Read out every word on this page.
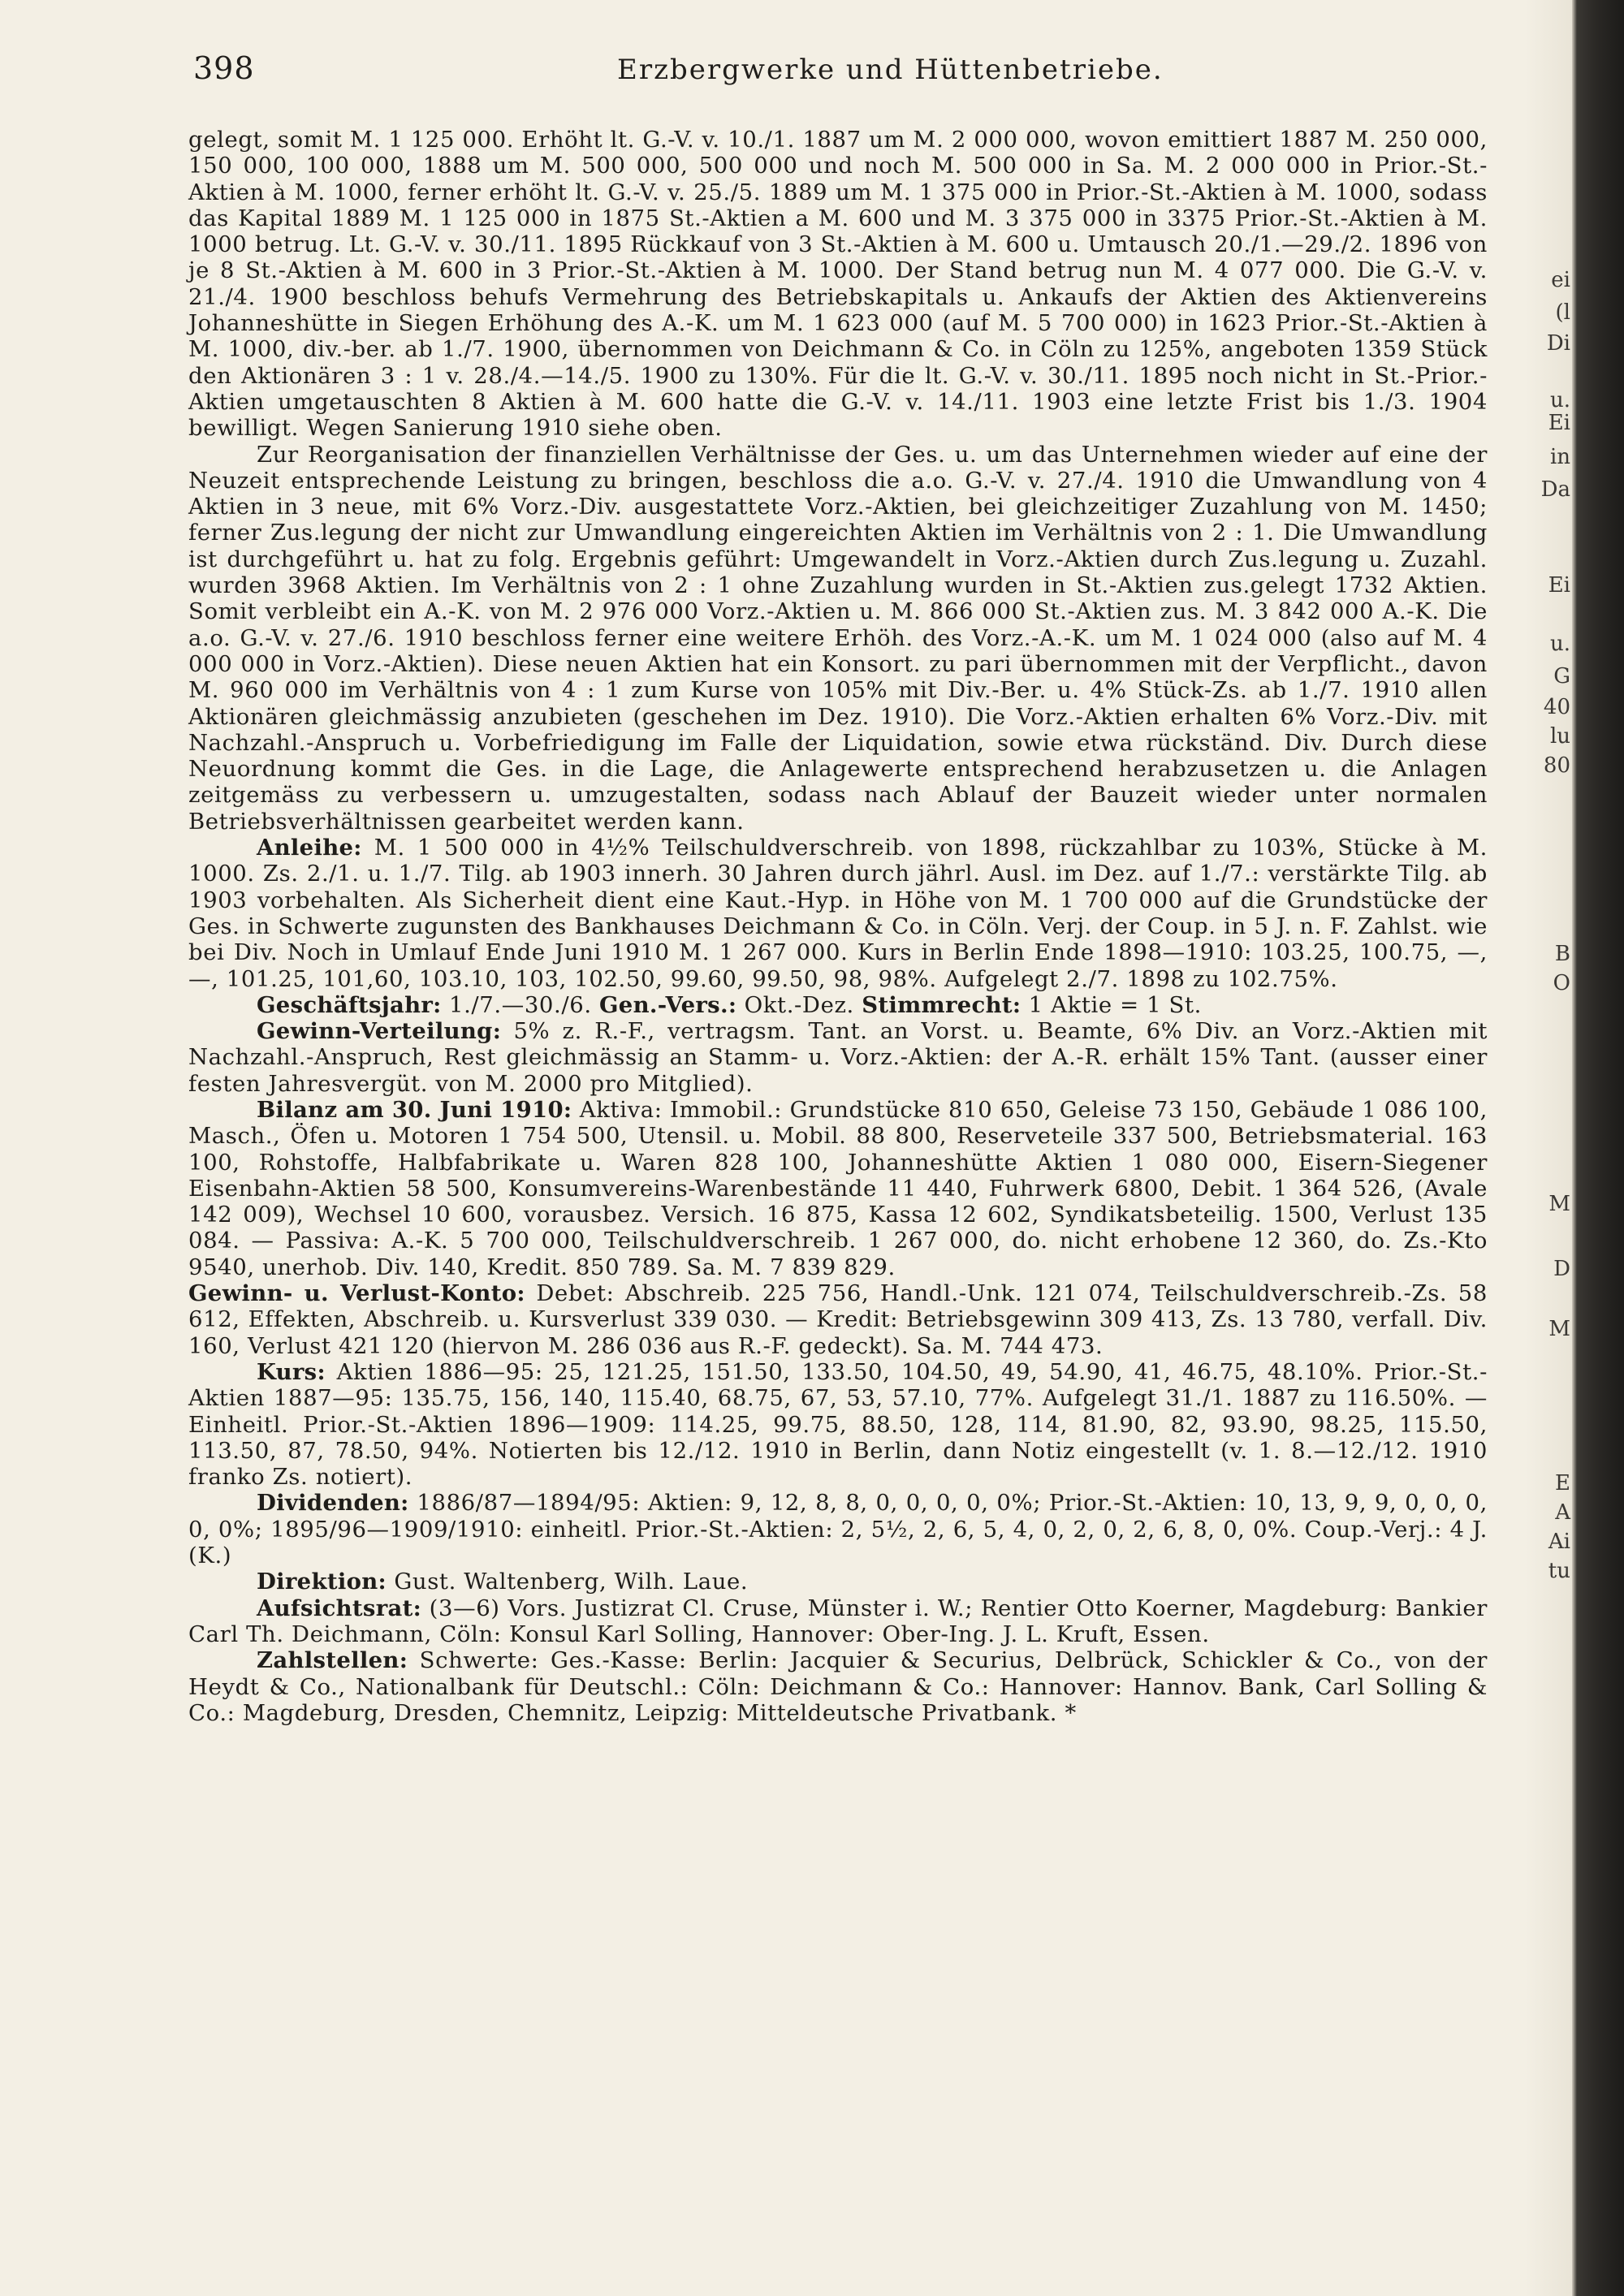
398	Erzbergwerke und Hüttenbetriebe.

gelegt, somit M. 1 125 000. Erhöht lt. G.-V. v. 10./1. 1887 um M. 2 000 000, wovon emittiert 1887 M. 250 000, 150 000, 100 000, 1888 um M. 500 000, 500 000 und noch M. 500 000 in Sa. M. 2 000 000 in Prior.-St.-Aktien à M. 1000, ferner erhöht lt. G.-V. v. 25./5. 1889 um M. 1 375 000 in Prior.-St.-Aktien à M. 1000, sodass das Kapital 1889 M. 1 125 000 in 1875 St.-Aktien a M. 600 und M. 3 375 000 in 3375 Prior.-St.-Aktien à M. 1000 betrug. Lt. G.-V. v. 30./11. 1895 Rückkauf von 3 St.-Aktien à M. 600 u. Umtausch 20./1.—29./2. 1896 von je 8 St.-Aktien à M. 600 in 3 Prior.-St.-Aktien à M. 1000. Der Stand betrug nun M. 4 077 000. Die G.-V. v. 21./4. 1900 beschloss behufs Vermehrung des Betriebskapitals u. Ankaufs der Aktien des Aktienvereins Johanneshütte in Siegen Erhöhung des A.-K. um M. 1 623 000 (auf M. 5 700 000) in 1623 Prior.-St.-Aktien à M. 1000, div.-ber. ab 1./7. 1900, übernommen von Deichmann & Co. in Cöln zu 125%, angeboten 1359 Stück den Aktionären 3 : 1 v. 28./4.—14./5. 1900 zu 130%. Für die lt. G.-V. v. 30./11. 1895 noch nicht in St.-Prior.-Aktien umgetauschten 8 Aktien à M. 600 hatte die G.-V. v. 14./11. 1903 eine letzte Frist bis 1./3. 1904 bewilligt. Wegen Sanierung 1910 siehe oben.

Zur Reorganisation der finanziellen Verhältnisse der Ges. u. um das Unternehmen wieder auf eine der Neuzeit entsprechende Leistung zu bringen, beschloss die a.o. G.-V. v. 27./4. 1910 die Umwandlung von 4 Aktien in 3 neue, mit 6% Vorz.-Div. ausgestattete Vorz.-Aktien, bei gleichzeitiger Zuzahlung von M. 1450; ferner Zus.legung der nicht zur Umwandlung eingereichten Aktien im Verhältnis von 2 : 1. Die Umwandlung ist durchgeführt u. hat zu folg. Ergebnis geführt: Umgewandelt in Vorz.-Aktien durch Zus.legung u. Zuzahl. wurden 3968 Aktien. Im Verhältnis von 2 : 1 ohne Zuzahlung wurden in St.-Aktien zus.gelegt 1732 Aktien. Somit verbleibt ein A.-K. von M. 2 976 000 Vorz.-Aktien u. M. 866 000 St.-Aktien zus. M. 3 842 000 A.-K. Die a.o. G.-V. v. 27./6. 1910 beschloss ferner eine weitere Erhöh. des Vorz.-A.-K. um M. 1 024 000 (also auf M. 4 000 000 in Vorz.-Aktien). Diese neuen Aktien hat ein Konsort. zu pari übernommen mit der Verpflicht., davon M. 960 000 im Verhältnis von 4 : 1 zum Kurse von 105% mit Div.-Ber. u. 4% Stück-Zs. ab 1./7. 1910 allen Aktionären gleichmässig anzubieten (geschehen im Dez. 1910). Die Vorz.-Aktien erhalten 6% Vorz.-Div. mit Nachzahl.-Anspruch u. Vorbefriedigung im Falle der Liquidation, sowie etwa rückständ. Div. Durch diese Neuordnung kommt die Ges. in die Lage, die Anlagewerte entsprechend herabzusetzen u. die Anlagen zeitgemäss zu verbessern u. umzugestalten, sodass nach Ablauf der Bauzeit wieder unter normalen Betriebsverhältnissen gearbeitet werden kann.

Anleihe: M. 1 500 000 in 4½% Teilschuldverschreib. von 1898, rückzahlbar zu 103%, Stücke à M. 1000. Zs. 2./1. u. 1./7. Tilg. ab 1903 innerh. 30 Jahren durch jährl. Ausl. im Dez. auf 1./7.: verstärkte Tilg. ab 1903 vorbehalten. Als Sicherheit dient eine Kaut.-Hyp. in Höhe von M. 1 700 000 auf die Grundstücke der Ges. in Schwerte zugunsten des Bankhauses Deichmann & Co. in Cöln. Verj. der Coup. in 5 J. n. F. Zahlst. wie bei Div. Noch in Umlauf Ende Juni 1910 M. 1 267 000. Kurs in Berlin Ende 1898—1910: 103.25, 100.75, —, —, 101.25, 101,60, 103.10, 103, 102.50, 99.60, 99.50, 98, 98%. Aufgelegt 2./7. 1898 zu 102.75%.

Geschäftsjahr: 1./7.—30./6. Gen.-Vers.: Okt.-Dez. Stimmrecht: 1 Aktie = 1 St.

Gewinn-Verteilung: 5% z. R.-F., vertragsm. Tant. an Vorst. u. Beamte, 6% Div. an Vorz.-Aktien mit Nachzahl.-Anspruch, Rest gleichmässig an Stamm- u. Vorz.-Aktien: der A.-R. erhält 15% Tant. (ausser einer festen Jahresvergüt. von M. 2000 pro Mitglied).

Bilanz am 30. Juni 1910: Aktiva: Immobil.: Grundstücke 810 650, Geleise 73 150, Gebäude 1 086 100, Masch., Öfen u. Motoren 1 754 500, Utensil. u. Mobil. 88 800, Reserveteile 337 500, Betriebsmaterial. 163 100, Rohstoffe, Halbfabrikate u. Waren 828 100, Johanneshütte Aktien 1 080 000, Eisern-Siegener Eisenbahn-Aktien 58 500, Konsumvereins-Warenbestände 11 440, Fuhrwerk 6800, Debit. 1 364 526, (Avale 142 009), Wechsel 10 600, vorausbez. Versich. 16 875, Kassa 12 602, Syndikatsbeteilig. 1500, Verlust 135 084. — Passiva: A.-K. 5 700 000, Teilschuldverschreib. 1 267 000, do. nicht erhobene 12 360, do. Zs.-Kto 9540, unerhob. Div. 140, Kredit. 850 789. Sa. M. 7 839 829.

Gewinn- u. Verlust-Konto: Debet: Abschreib. 225 756, Handl.-Unk. 121 074, Teilschuldverschreib.-Zs. 58 612, Effekten, Abschreib. u. Kursverlust 339 030. — Kredit: Betriebsgewinn 309 413, Zs. 13 780, verfall. Div. 160, Verlust 421 120 (hiervon M. 286 036 aus R.-F. gedeckt). Sa. M. 744 473.

Kurs: Aktien 1886—95: 25, 121.25, 151.50, 133.50, 104.50, 49, 54.90, 41, 46.75, 48.10%. Prior.-St.-Aktien 1887—95: 135.75, 156, 140, 115.40, 68.75, 67, 53, 57.10, 77%. Aufgelegt 31./1. 1887 zu 116.50%. — Einheitl. Prior.-St.-Aktien 1896—1909: 114.25, 99.75, 88.50, 128, 114, 81.90, 82, 93.90, 98.25, 115.50, 113.50, 87, 78.50, 94%. Notierten bis 12./12. 1910 in Berlin, dann Notiz eingestellt (v. 1. 8.—12./12. 1910 franko Zs. notiert).

Dividenden: 1886/87—1894/95: Aktien: 9, 12, 8, 8, 0, 0, 0, 0, 0%; Prior.-St.-Aktien: 10, 13, 9, 9, 0, 0, 0, 0, 0%; 1895/96—1909/1910: einheitl. Prior.-St.-Aktien: 2, 5½, 2, 6, 5, 4, 0, 2, 0, 2, 6, 8, 0, 0%. Coup.-Verj.: 4 J. (K.)

Direktion: Gust. Waltenberg, Wilh. Laue.

Aufsichtsrat: (3—6) Vors. Justizrat Cl. Cruse, Münster i. W.; Rentier Otto Koerner, Magdeburg: Bankier Carl Th. Deichmann, Cöln: Konsul Karl Solling, Hannover: Ober-Ing. J. L. Kruft, Essen.

Zahlstellen: Schwerte: Ges.-Kasse: Berlin: Jacquier & Securius, Delbrück, Schickler & Co., von der Heydt & Co., Nationalbank für Deutschl.: Cöln: Deichmann & Co.: Hannover: Hannov. Bank, Carl Solling & Co.: Magdeburg, Dresden, Chemnitz, Leipzig: Mitteldeutsche Privatbank. *

ei
(l
Di
u.
Ei
in
Da
Ei
u.
G
40
lu
80
B
O
M
D
M
E
A
Ai
tu
